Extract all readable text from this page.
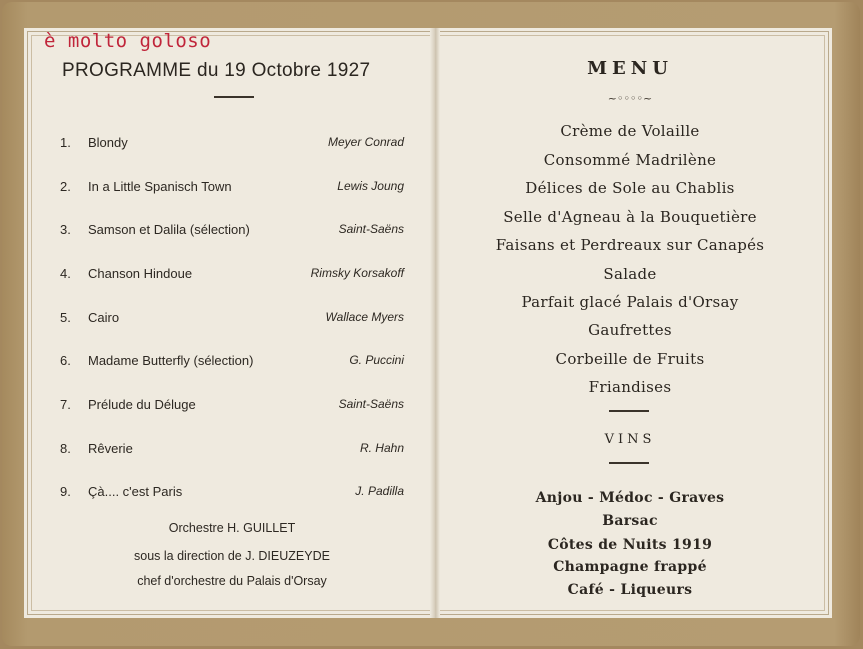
è molto goloso
PROGRAMME du 19 Octobre 1927
1. Blondy	Meyer Conrad
2. In a Little Spanisch Town	Lewis Joung
3. Samson et Dalila (sélection)	Saint-Saëns
4. Chanson Hindoue	Rimsky Korsakoff
5. Cairo	Wallace Myers
6. Madame Butterfly (sélection)	G. Puccini
7. Prélude du Déluge	Saint-Saëns
8. Rêverie	R. Hahn
9. Çà.... c'est Paris	J. Padilla
Orchestre H. GUILLET
sous la direction de J. DIEUZEYDE
chef d'orchestre du Palais d'Orsay
MENU
~◦◦◦◦~
Crème de Volaille
Consommé Madrilène
Délices de Sole au Chablis
Selle d'Agneau à la Bouquetière
Faisans et Perdreaux sur Canapés
Salade
Parfait glacé Palais d'Orsay
Gaufrettes
Corbeille de Fruits
Friandises
VINS
Anjou - Médoc - Graves
Barsac
Côtes de Nuits 1919
Champagne frappé
Café - Liqueurs
